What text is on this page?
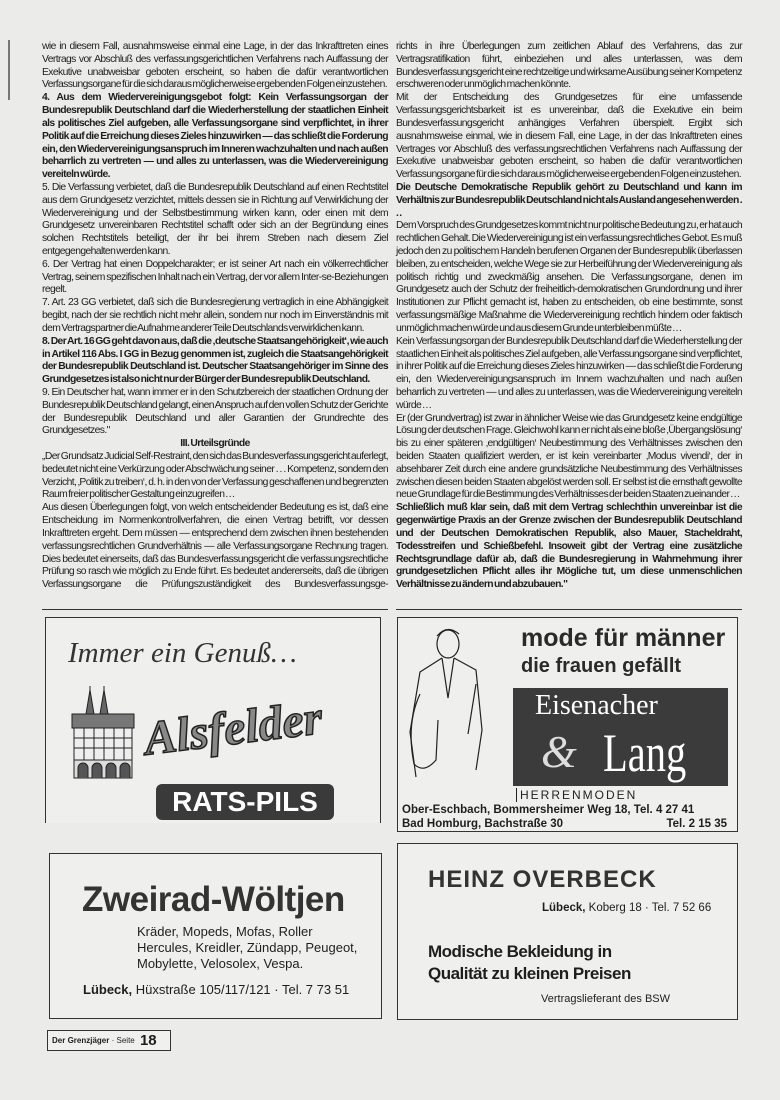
wie in diesem Fall, ausnahmsweise einmal eine Lage, in der das Inkrafttreten eines Vertrags vor Abschluß des verfassungsgerichtlichen Verfahrens nach Auffassung der Exekutive unabweisbar geboten erscheint, so haben die dafür verantwortlichen Verfassungsorgane für die sich daraus möglicherweise ergebenden Folgen einzustehen.

4. Aus dem Wiedervereinigungsgebot folgt: Kein Verfassungsorgan der Bundesrepublik Deutschland darf die Wiederherstellung der staatlichen Einheit als politisches Ziel aufgeben, alle Verfassungsorgane sind verpflichtet, in ihrer Politik auf die Erreichung dieses Zieles hinzuwirken — das schließt die Forderung ein, den Wiedervereinigungsanspruch im Inneren wachzuhalten und nach außen beharrlich zu vertreten — und alles zu unterlassen, was die Wiedervereinigung vereiteln würde.

5. Die Verfassung verbietet, daß die Bundesrepublik Deutschland auf einen Rechtstitel aus dem Grundgesetz verzichtet, mittels dessen sie in Richtung auf Verwirklichung der Wiedervereinigung und der Selbstbestimmung wirken kann, oder einen mit dem Grundgesetz unvereinbaren Rechtstitel schafft oder sich an der Begründung eines solchen Rechtstitels beteiligt, der ihr bei ihrem Streben nach diesem Ziel entgegengehalten werden kann.

6. Der Vertrag hat einen Doppelcharakter; er ist seiner Art nach ein völkerrechtlicher Vertrag, seinem spezifischen Inhalt nach ein Vertrag, der vor allem Inter-se-Beziehungen regelt.

7. Art. 23 GG verbietet, daß sich die Bundesregierung vertraglich in eine Abhängigkeit begibt, nach der sie rechtlich nicht mehr allein, sondern nur noch im Einverständnis mit dem Vertragspartner die Aufnahme anderer Teile Deutschlands verwirklichen kann.

8. Der Art. 16 GG geht davon aus, daß die ‚deutsche Staatsangehörigkeit‘, wie auch in Artikel 116 Abs. I GG in Bezug genommen ist, zugleich die Staatsangehörigkeit der Bundesrepublik Deutschland ist. Deutscher Staatsangehöriger im Sinne des Grundgesetzes ist also nicht nur der Bürger der Bundesrepublik Deutschland.

9. Ein Deutscher hat, wann immer er in den Schutzbereich der staatlichen Ordnung der Bundesrepublik Deutschland gelangt, einen Anspruch auf den vollen Schutz der Gerichte der Bundesrepublik Deutschland und aller Garantien der Grundrechte des Grundgesetzes."

III. Urteilsgründe

„Der Grundsatz Judicial Self-Restraint, den sich das Bundesverfassungsgericht auferlegt, bedeutet nicht eine Verkürzung oder Abschwächung seiner . . . Kompetenz, sondern den Verzicht, ‚Politik zu treiben‘, d. h. in den von der Verfassung geschaffenen und begrenzten Raum freier politischer Gestaltung einzugreifen . . .

Aus diesen Überlegungen folgt, von welch entscheidender Bedeutung es ist, daß eine Entscheidung im Normenkontrollverfahren, die einen Vertrag betrifft, vor dessen Inkrafttreten ergeht. Dem müssen — entsprechend dem zwischen ihnen bestehenden verfassungsrechtlichen Grundverhältnis — alle Verfassungsorgane Rechnung tragen. Dies bedeutet einerseits, daß das Bundesverfassungsgericht die verfassungsrechtliche Prüfung so rasch wie möglich zu Ende führt. Es bedeutet andererseits, daß die übrigen Verfassungsorgane die Prüfungszuständigkeit des Bundesverfassungsge-

richts in ihre Überlegungen zum zeitlichen Ablauf des Verfahrens, das zur Vertragsratifikation führt, einbeziehen und alles unterlassen, was dem Bundesverfassungsgericht eine rechtzeitige und wirksame Ausübung seiner Kompetenz erschweren oder unmöglich machen könnte.

Mit der Entscheidung des Grundgesetzes für eine umfassende Verfassungsgerichtsbarkeit ist es unvereinbar, daß die Exekutive ein beim Bundesverfassungsgericht anhängiges Verfahren überspielt. Ergibt sich ausnahmsweise einmal, wie in diesem Fall, eine Lage, in der das Inkrafttreten eines Vertrages vor Abschluß des verfassungsrechtlichen Verfahrens nach Auffassung der Exekutive unabweisbar geboten erscheint, so haben die dafür verantwortlichen Verfassungsorgane für die sich daraus möglicherweise ergebenden Folgen einzustehen.

Die Deutsche Demokratische Republik gehört zu Deutschland und kann im Verhältnis zur Bundesrepublik Deutschland nicht als Ausland angesehen werden . . .

Dem Vorspruch des Grundgesetzes kommt nicht nur politische Bedeutung zu, er hat auch rechtlichen Gehalt. Die Wiedervereinigung ist ein verfassungsrechtliches Gebot. Es muß jedoch den zu politischem Handeln berufenen Organen der Bundesrepublik überlassen bleiben, zu entscheiden, welche Wege sie zur Herbeiführung der Wiedervereinigung als politisch richtig und zweckmäßig ansehen. Die Verfassungsorgane, denen im Grundgesetz auch der Schutz der freiheitlich-demokratischen Grundordnung und ihrer Institutionen zur Pflicht gemacht ist, haben zu entscheiden, ob eine bestimmte, sonst verfassungsmäßige Maßnahme die Wiedervereinigung rechtlich hindern oder faktisch unmöglich machen würde und aus diesem Grunde unterbleiben müßte . . .

Kein Verfassungsorgan der Bundesrepublik Deutschland darf die Wiederherstellung der staatlichen Einheit als politisches Ziel aufgeben, alle Verfassungsorgane sind verpflichtet, in ihrer Politik auf die Erreichung dieses Zieles hinzuwirken — das schließt die Forderung ein, den Wiedervereinigungsanspruch im Innern wachzuhalten und nach außen beharrlich zu vertreten — und alles zu unterlassen, was die Wiedervereinigung vereiteln würde . . .

Er (der Grundvertrag) ist zwar in ähnlicher Weise wie das Grundgesetz keine endgültige Lösung der deutschen Frage. Gleichwohl kann er nicht als eine bloße ‚Übergangslösung‘ bis zu einer späteren ‚endgültigen‘ Neubestimmung des Verhältnisses zwischen den beiden Staaten qualifiziert werden, er ist kein vereinbarter ‚Modus vivendi‘, der in absehbarer Zeit durch eine andere grundsätzliche Neubestimmung des Verhältnisses zwischen diesen beiden Staaten abgelöst werden soll. Er selbst ist die ernsthaft gewollte neue Grundlage für die Bestimmung des Verhältnisses der beiden Staaten zueinander . . .

Schließlich muß klar sein, daß mit dem Vertrag schlechthin unvereinbar ist die gegenwärtige Praxis an der Grenze zwischen der Bundesrepublik Deutschland und der Deutschen Demokratischen Republik, also Mauer, Stacheldraht, Todesstreifen und Schießbefehl. Insoweit gibt der Vertrag eine zusätzliche Rechtsgrundlage dafür ab, daß die Bundesregierung in Wahrnehmung ihrer grundgesetzlichen Pflicht alles ihr Mögliche tut, um diese unmenschlichen Verhältnisse zu ändern und abzubauen."

Immer ein Genuß…
Alsfelder
RATS-PILS
mode für männer
die frauen gefällt
Eisenacher
& Lang
HERRENMODEN
Ober-Eschbach, Bommersheimer Weg 18, Tel. 4 27 41
Bad Homburg, Bachstraße 30	Tel. 2 15 35
Zweirad-Wöltjen
Kräder, Mopeds, Mofas, Roller
Hercules, Kreidler, Zündapp, Peugeot,
Mobylette, Velosolex, Vespa.
Lübeck, Hüxstraße 105/117/121 · Tel. 7 73 51
HEINZ OVERBECK
Lübeck, Koberg 18 · Tel. 7 52 66
Modische Bekleidung in
Qualität zu kleinen Preisen
Vertragslieferant des BSW
Der Grenzjäger · Seite 18
